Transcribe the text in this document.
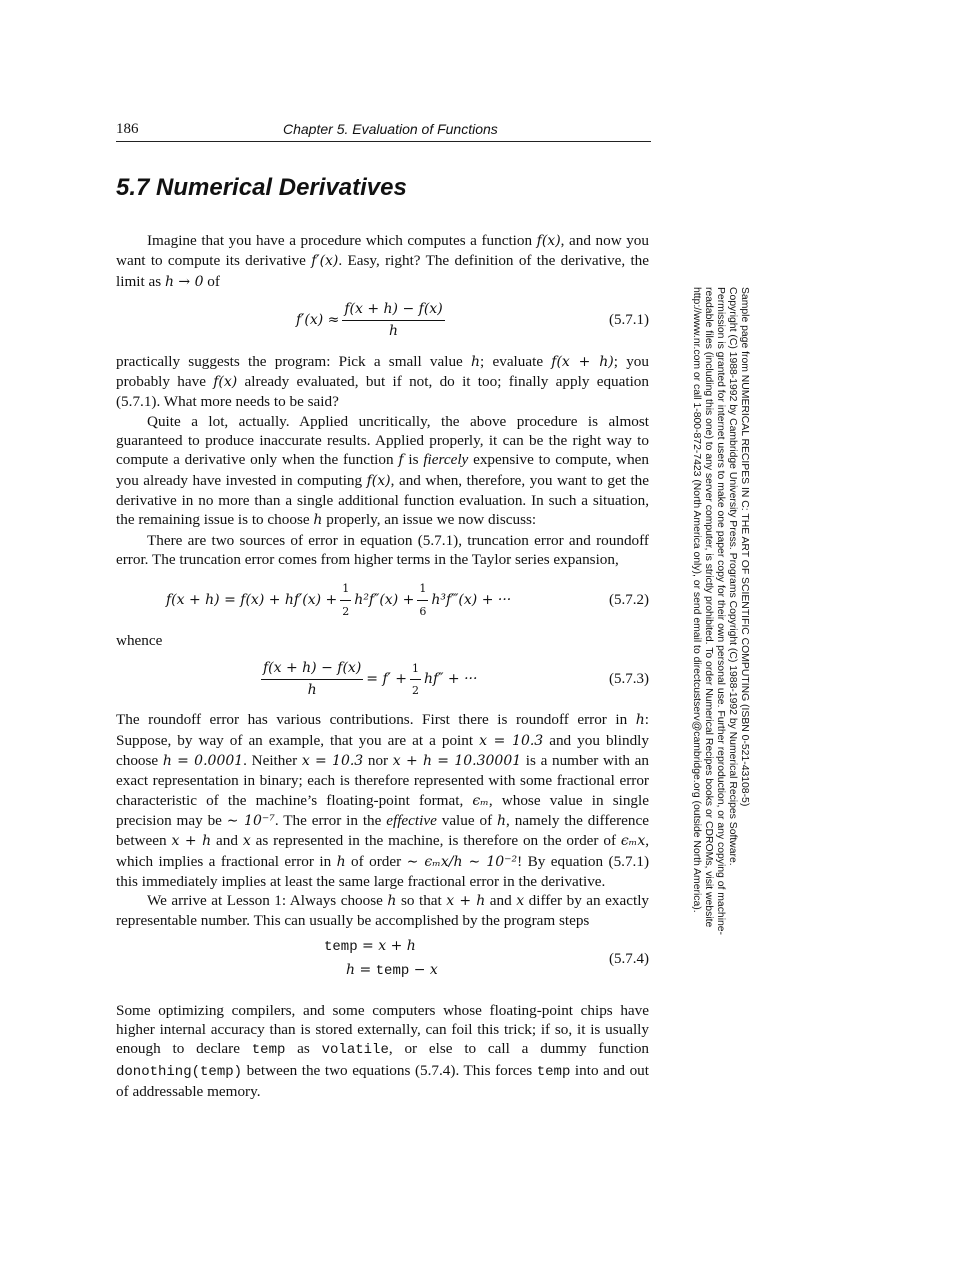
186	Chapter 5. Evaluation of Functions
5.7 Numerical Derivatives

Imagine that you have a procedure which computes a function f(x), and now you want to compute its derivative f′(x). Easy, right? The definition of the derivative, the limit as h → 0 of

$f'(x) \approx \frac{f(x + h) - f(x)}{h}$	(5.7.1)

practically suggests the program: Pick a small value h; evaluate f(x + h); you probably have f(x) already evaluated, but if not, do it too; finally apply equation (5.7.1). What more needs to be said?

Quite a lot, actually. Applied uncritically, the above procedure is almost guaranteed to produce inaccurate results. Applied properly, it can be the right way to compute a derivative only when the function f is fiercely expensive to compute, when you already have invested in computing f(x), and when, therefore, you want to get the derivative in no more than a single additional function evaluation. In such a situation, the remaining issue is to choose h properly, an issue we now discuss:

There are two sources of error in equation (5.7.1), truncation error and roundoff error. The truncation error comes from higher terms in the Taylor series expansion,

$f(x + h) = f(x) + hf'(x) + \frac{1}{2} h^2f''(x) + \frac{1}{6}$ h³f‴(x) + ···	(5.7.2)

whence

$\frac{f(x + h) - f(x)}{h} = f' + \frac{1}{2} hf''$ + ···	(5.7.3)

The roundoff error has various contributions. First there is roundoff error in h: Suppose, by way of an example, that you are at a point x = 10.3 and you blindly choose h = 0.0001. Neither x = 10.3 nor x + h = 10.30001 is a number with an exact representation in binary; each is therefore represented with some fractional error characteristic of the machine’s floating-point format, ϵₘ, whose value in single precision may be ∼ 10⁻⁷. The error in the effective value of h, namely the difference between x + h and x as represented in the machine, is therefore on the order of ϵₘx, which implies a fractional error in h of order ∼ ϵₘx/h ∼ 10⁻²! By equation (5.7.1) this immediately implies at least the same large fractional error in the derivative.

We arrive at Lesson 1: Always choose h so that x + h and x differ by an exactly representable number. This can usually be accomplished by the program steps

temp = x + h
h = temp − x
(5.7.4)

Some optimizing compilers, and some computers whose floating-point chips have higher internal accuracy than is stored externally, can foil this trick; if so, it is usually enough to declare temp as volatile, or else to call a dummy function donothing(temp) between the two equations (5.7.4). This forces temp into and out of addressable memory.

Sample page from NUMERICAL RECIPES IN C: THE ART OF SCIENTIFIC COMPUTING (ISBN 0-521-43108-5)
Copyright (C) 1988-1992 by Cambridge University Press. Programs Copyright (C) 1988-1992 by Numerical Recipes Software.
Permission is granted for internet users to make one paper copy for their own personal use. Further reproduction, or any copying of machine-
readable files (including this one) to any server computer, is strictly prohibited. To order Numerical Recipes books or CDROMs, visit website
http://www.nr.com or call 1-800-872-7423 (North America only), or send email to directcustserv@cambridge.org (outside North America).
